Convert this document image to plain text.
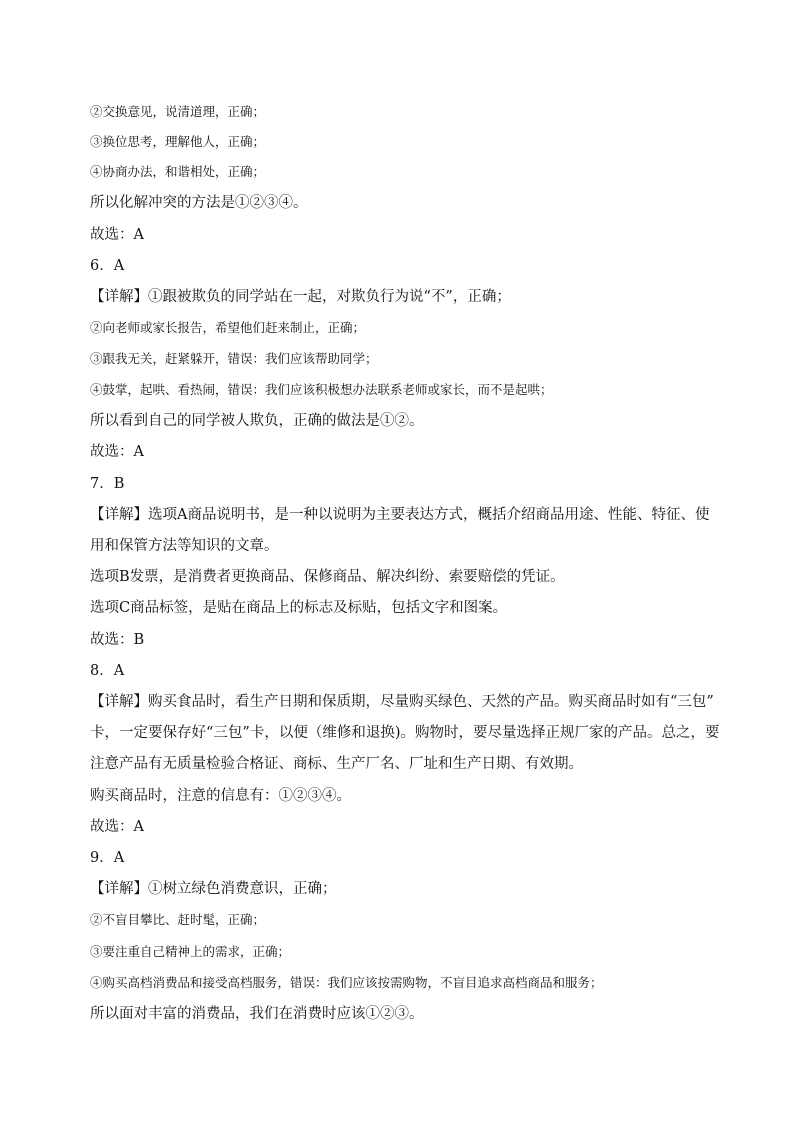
②交换意见，说清道理，正确；
③换位思考，理解他人，正确；
④协商办法，和谐相处，正确；
所以化解冲突的方法是①②③④。
故选：A
6．A
【详解】①跟被欺负的同学站在一起，对欺负行为说“不”，正确；
②向老师或家长报告，希望他们赶来制止，正确；
③跟我无关，赶紧躲开，错误：我们应该帮助同学；
④鼓掌，起哄、看热闹，错误：我们应该积极想办法联系老师或家长，而不是起哄；
所以看到自己的同学被人欺负，正确的做法是①②。
故选：A
7．B
【详解】选项A商品说明书，是一种以说明为主要表达方式，概括介绍商品用途、性能、特征、使
用和保管方法等知识的文章。
选项B发票，是消费者更换商品、保修商品、解决纠纷、索要赔偿的凭证。
选项C商品标签，是贴在商品上的标志及标贴，包括文字和图案。
故选：B
8．A
【详解】购买食品时，看生产日期和保质期，尽量购买绿色、天然的产品。购买商品时如有“三包”
卡，一定要保存好“三包”卡，以便（维修和退换)。购物时，要尽量选择正规厂家的产品。总之，要
注意产品有无质量检验合格证、商标、生产厂名、厂址和生产日期、有效期。
购买商品时，注意的信息有：①②③④。
故选：A
9．A
【详解】①树立绿色消费意识，正确；
②不盲目攀比、赶时髦，正确；
③要注重自己精神上的需求，正确；
④购买高档消费品和接受高档服务，错误：我们应该按需购物，不盲目追求高档商品和服务；
所以面对丰富的消费品，我们在消费时应该①②③。
